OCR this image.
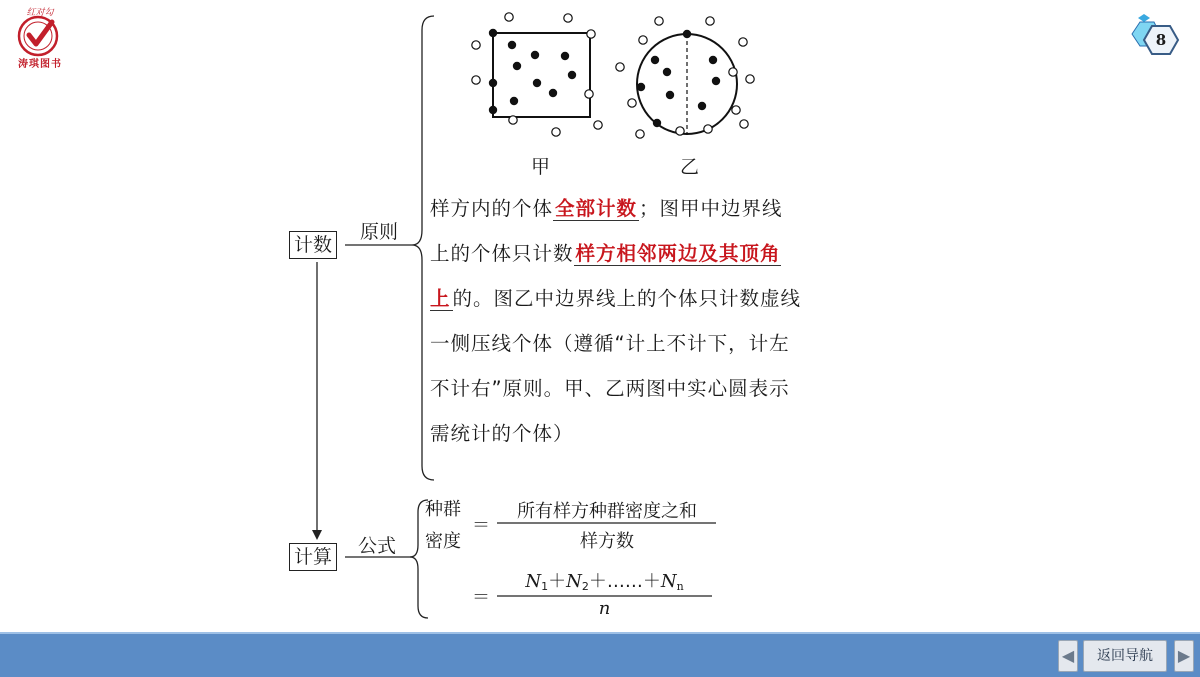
红对勾
涛琪图书
8
甲	乙
计数
原则
计算 公式
样方内的个体 全部计数 ；图甲中边界线上的个体只计数 样方相邻两边及其顶角上 的。图乙中边界线上的个体只计数虚线一侧压线个体（遵循“计上不计下，计左不计右”原则。甲、乙两图中实心圆表示需统计的个体）
种群
密度
＝
所有样方种群密度之和
样方数
＝
$N_1+N_2+\dots\dots+N_n$
n
◀	返回导航	▶
